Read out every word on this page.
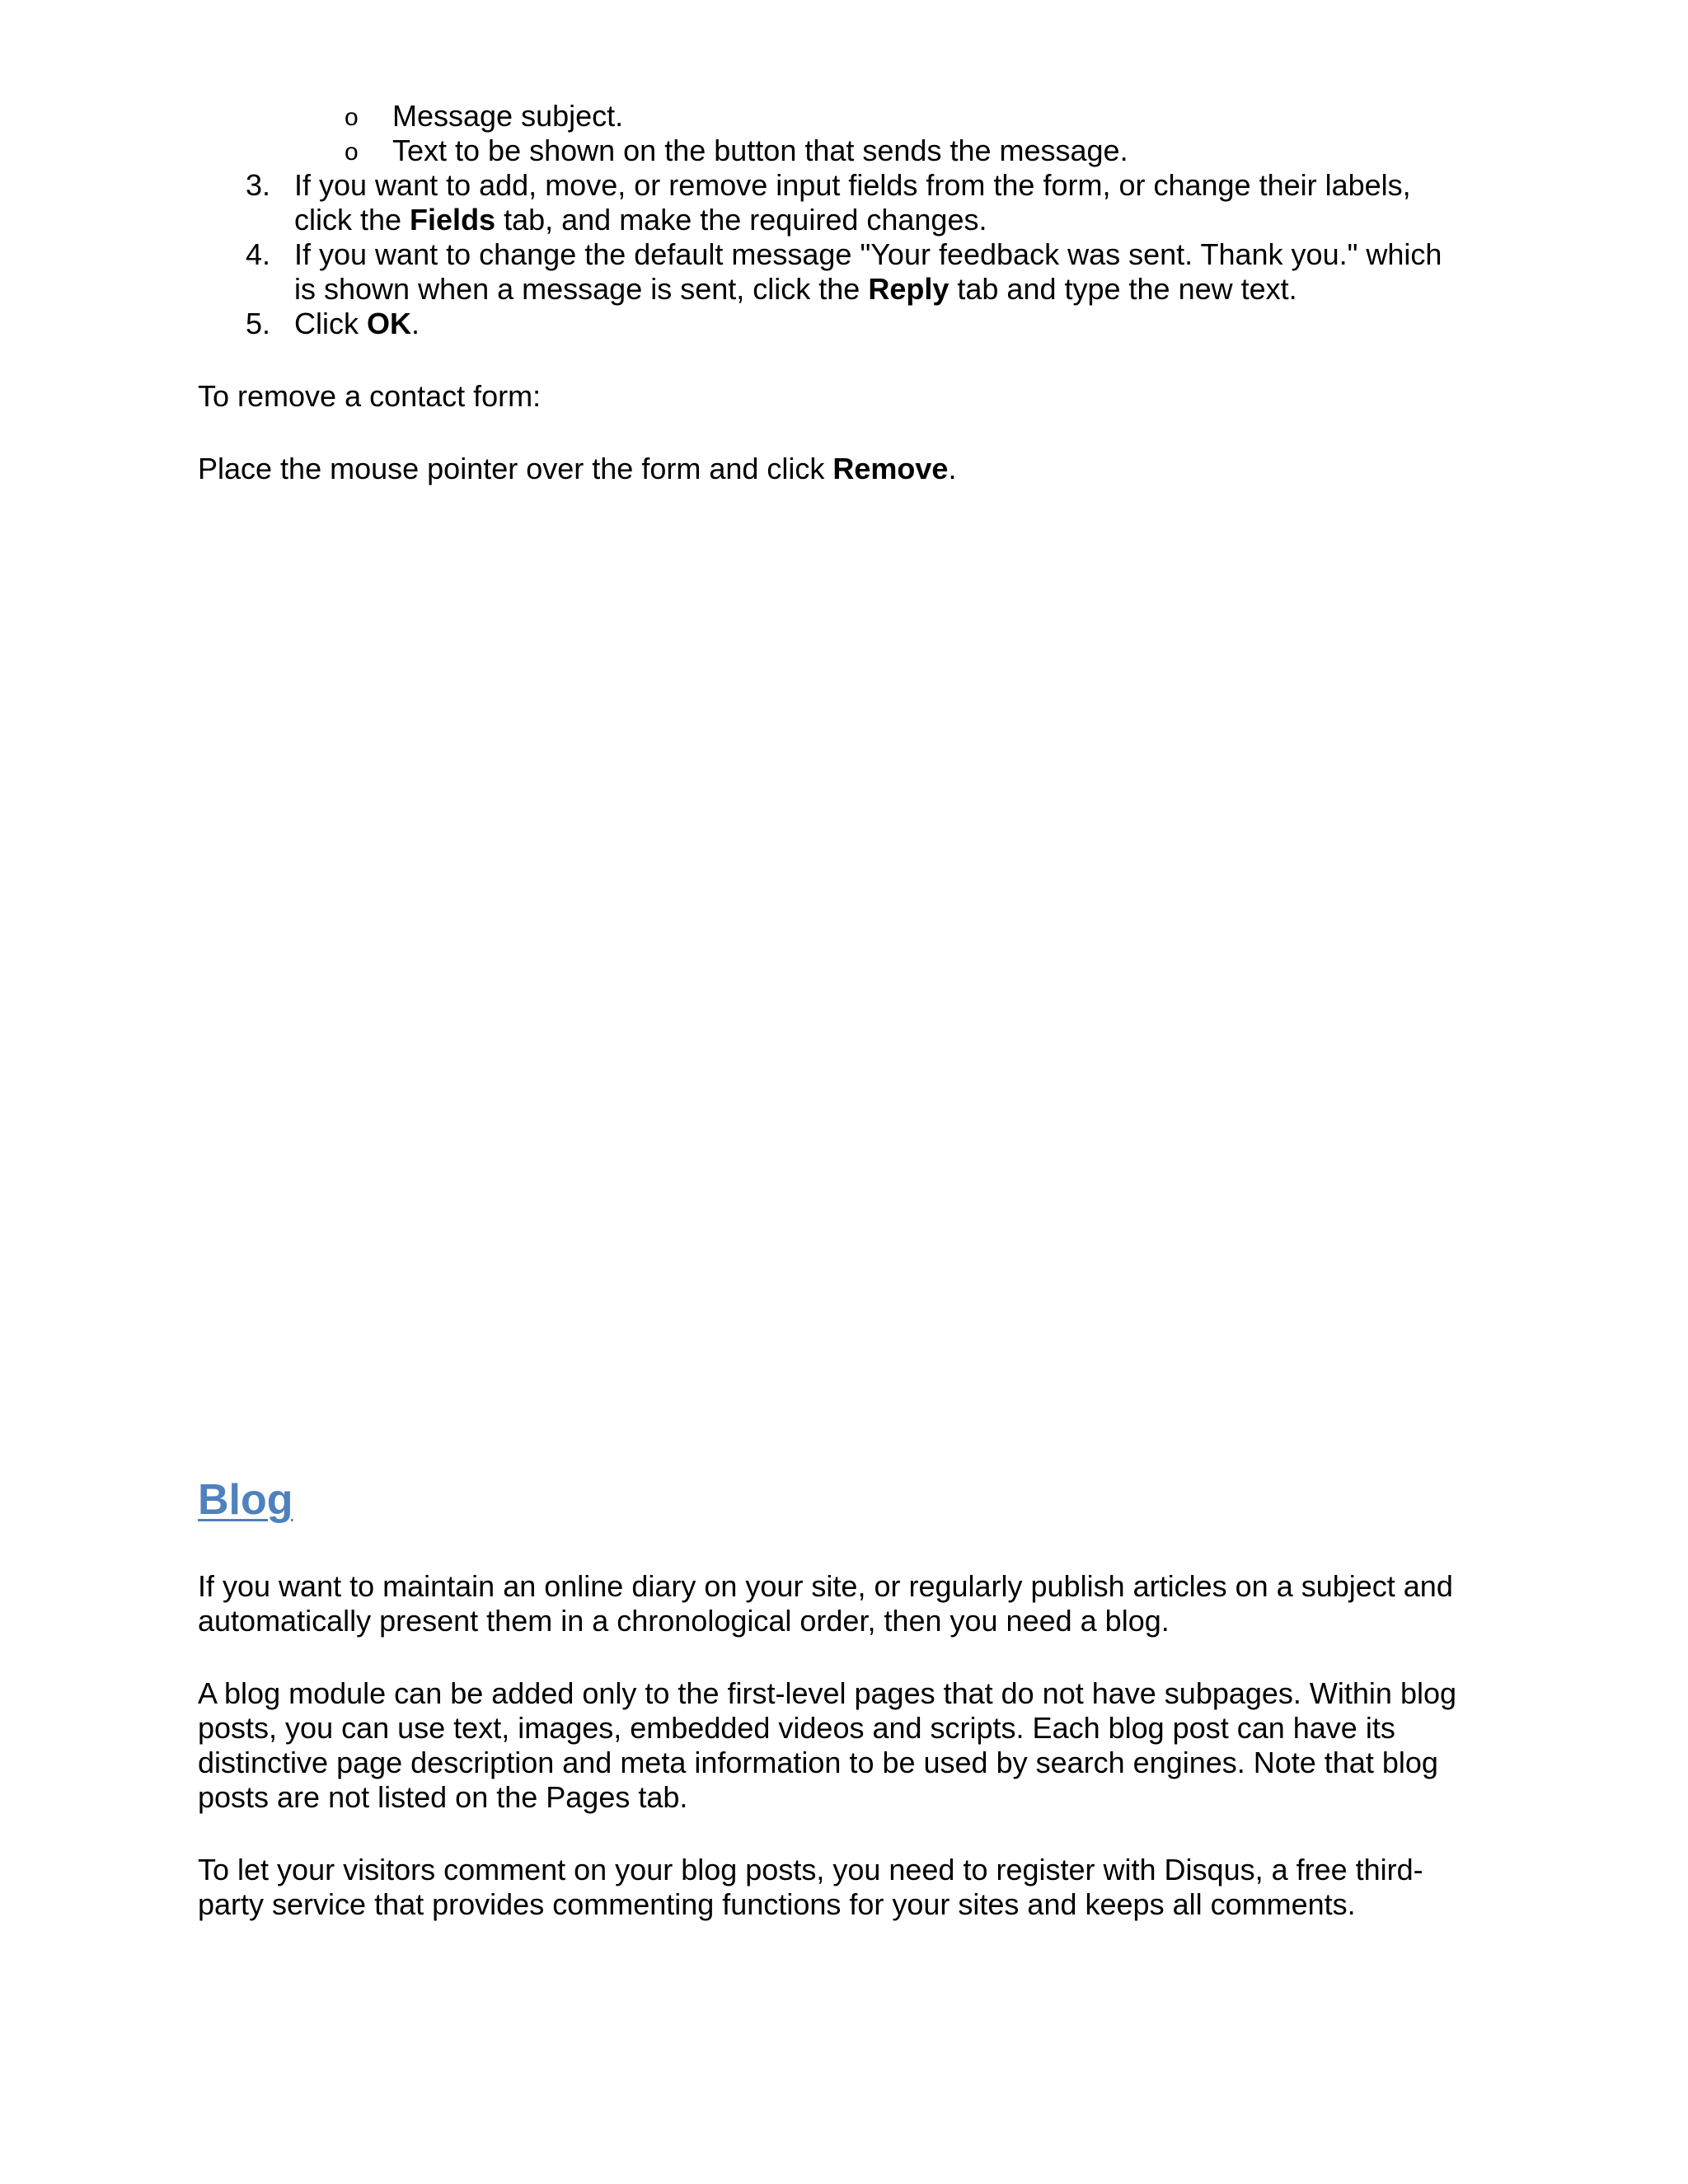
o Message subject.
o Text to be shown on the button that sends the message.
3. If you want to add, move, or remove input fields from the form, or change their labels,
click the Fields tab, and make the required changes.
4. If you want to change the default message "Your feedback was sent. Thank you." which
is shown when a message is sent, click the Reply tab and type the new text.
5. Click OK.
To remove a contact form:
Place the mouse pointer over the form and click Remove.
Blog
If you want to maintain an online diary on your site, or regularly publish articles on a subject and
automatically present them in a chronological order, then you need a blog.
A blog module can be added only to the first-level pages that do not have subpages. Within blog
posts, you can use text, images, embedded videos and scripts. Each blog post can have its
distinctive page description and meta information to be used by search engines. Note that blog
posts are not listed on the Pages tab.
To let your visitors comment on your blog posts, you need to register with Disqus, a free third-
party service that provides commenting functions for your sites and keeps all comments.
